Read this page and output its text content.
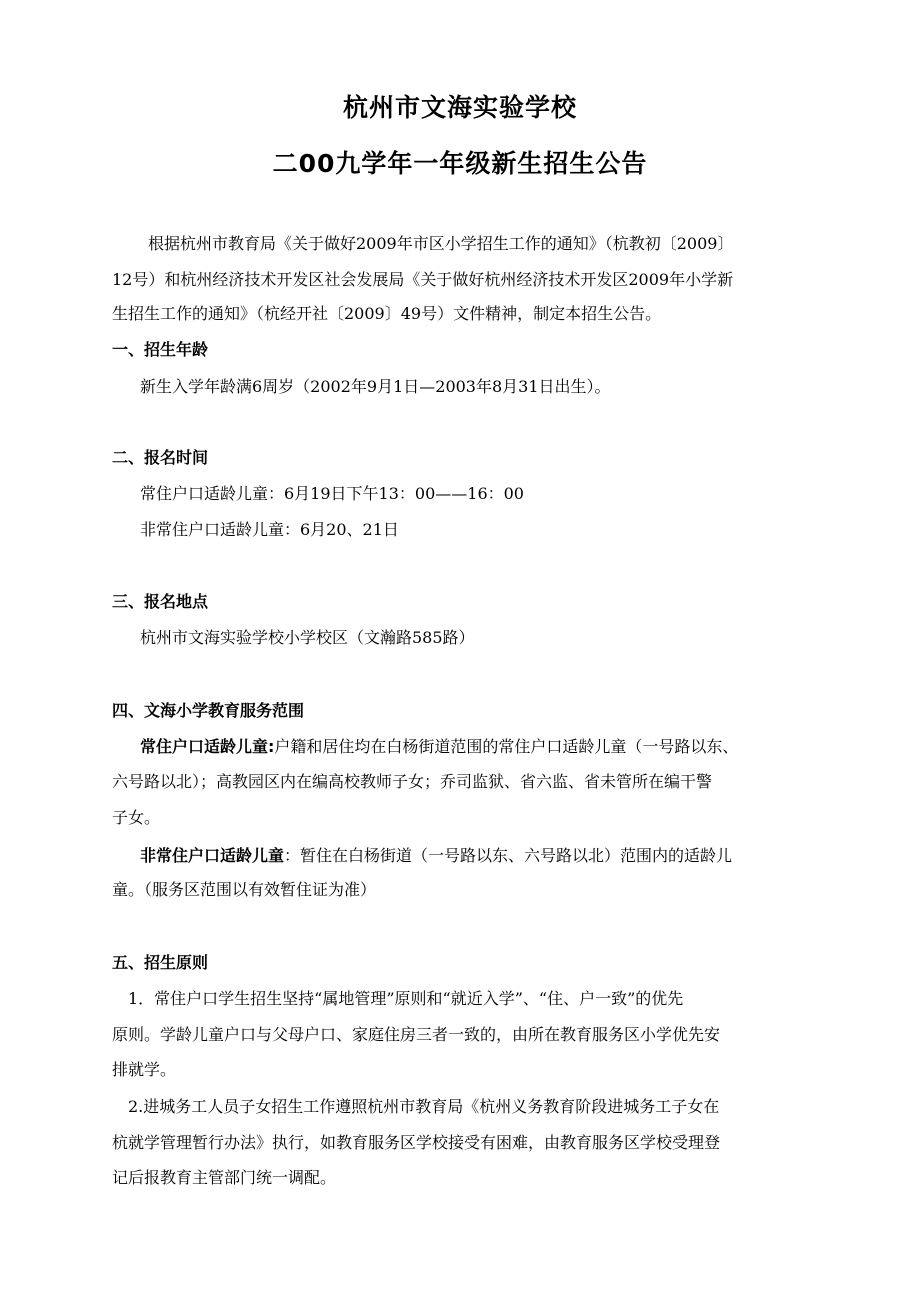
杭州市文海实验学校
二00九学年一年级新生招生公告
根据杭州市教育局《关于做好2009年市区小学招生工作的通知》（杭教初〔2009〕
12号）和杭州经济技术开发区社会发展局《关于做好杭州经济技术开发区2009年小学新
生招生工作的通知》（杭经开社〔2009〕49号）文件精神，制定本招生公告。
一、招生年龄
新生入学年龄满6周岁（2002年9月1日—2003年8月31日出生）。
二、报名时间
常住户口适龄儿童：6月19日下午13：00——16：00
非常住户口适龄儿童：6月20、21日
三、报名地点
杭州市文海实验学校小学校区（文瀚路585路）
四、文海小学教育服务范围
常住户口适龄儿童:户籍和居住均在白杨街道范围的常住户口适龄儿童（一号路以东、
六号路以北）；高教园区内在编高校教师子女；乔司监狱、省六监、省未管所在编干警
子女。
非常住户口适龄儿童：暂住在白杨街道（一号路以东、六号路以北）范围内的适龄儿
童。（服务区范围以有效暂住证为准）
五、招生原则
1．常住户口学生招生坚持“属地管理”原则和“就近入学”、“住、户一致”的优先
原则。学龄儿童户口与父母户口、家庭住房三者一致的，由所在教育服务区小学优先安
排就学。
2.进城务工人员子女招生工作遵照杭州市教育局《杭州义务教育阶段进城务工子女在
杭就学管理暂行办法》执行，如教育服务区学校接受有困难，由教育服务区学校受理登
记后报教育主管部门统一调配。
